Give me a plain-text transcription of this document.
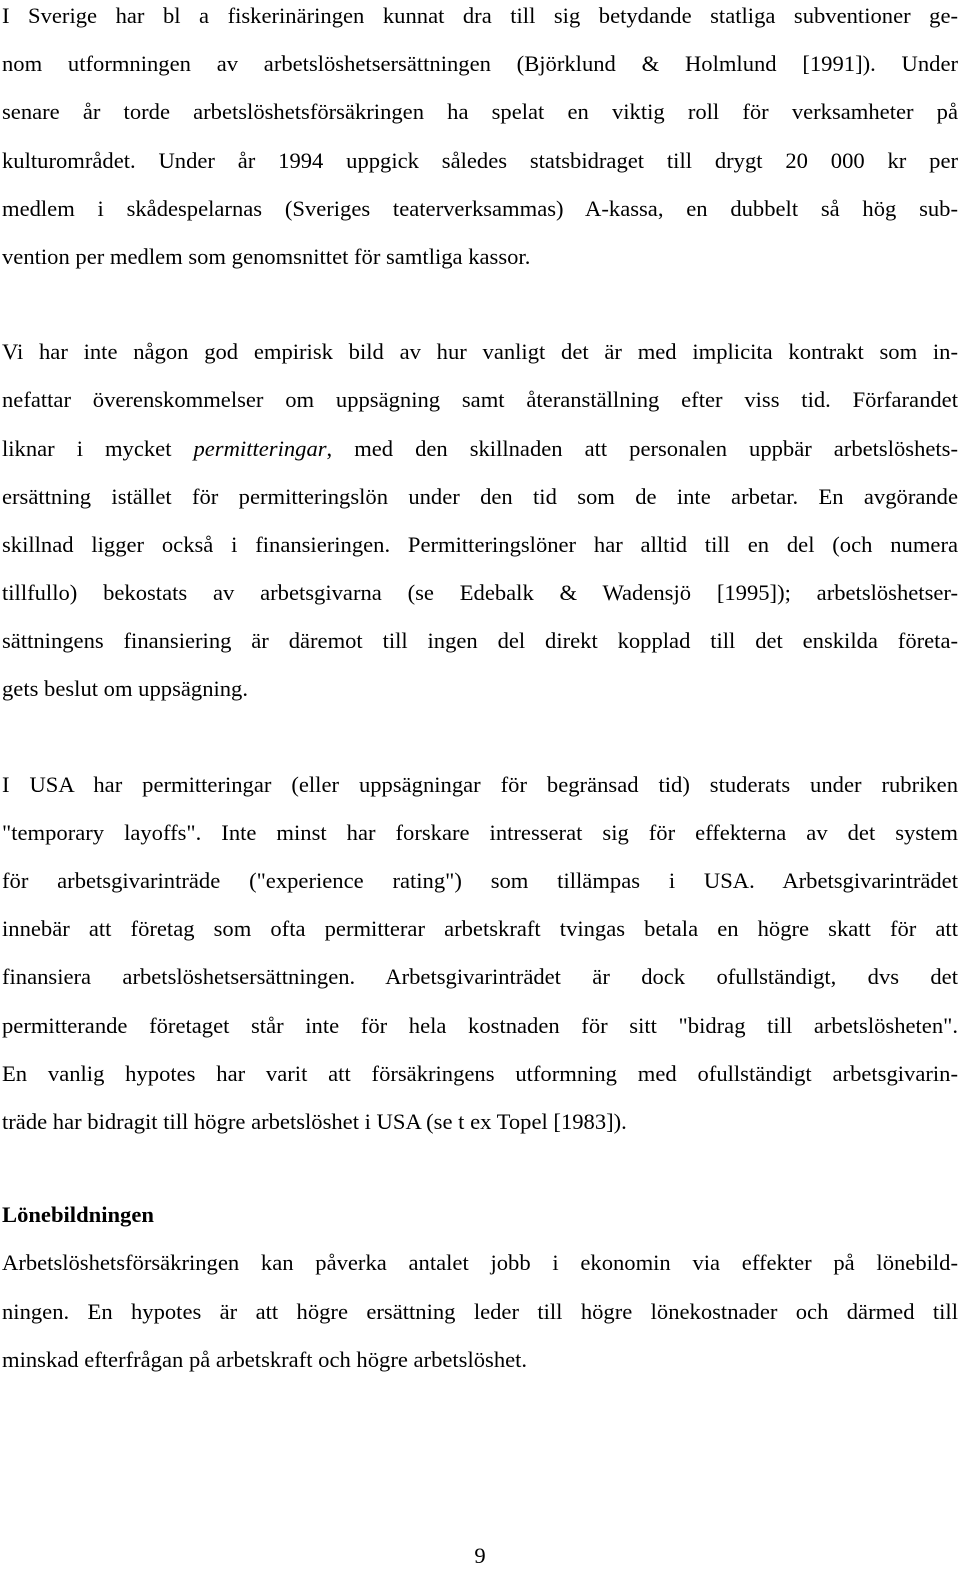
I Sverige har bl a fiskerinäringen kunnat dra till sig betydande statliga subventioner ge-
nom utformningen av arbetslöshetsersättningen (Björklund & Holmlund [1991]). Under
senare år torde arbetslöshetsförsäkringen ha spelat en viktig roll för verksamheter på
kulturområdet. Under år 1994 uppgick således statsbidraget till drygt 20 000 kr per
medlem i skådespelarnas (Sveriges teaterverksammas) A-kassa, en dubbelt så hög sub-
vention per medlem som genomsnittet för samtliga kassor.
Vi har inte någon god empirisk bild av hur vanligt det är med implicita kontrakt som in-
nefattar överenskommelser om uppsägning samt återanställning efter viss tid. Förfarandet
liknar i mycket permitteringar, med den skillnaden att personalen uppbär arbetslöshets-
ersättning istället för permitteringslön under den tid som de inte arbetar. En avgörande
skillnad ligger också i finansieringen. Permitteringslöner har alltid till en del (och numera
tillfullo) bekostats av arbetsgivarna (se Edebalk & Wadensjö [1995]); arbetslöshetser-
sättningens finansiering är däremot till ingen del direkt kopplad till det enskilda företa-
gets beslut om uppsägning.
I USA har permitteringar (eller uppsägningar för begränsad tid) studerats under rubriken
"temporary layoffs". Inte minst har forskare intresserat sig för effekterna av det system
för arbetsgivarinträde ("experience rating") som tillämpas i USA. Arbetsgivarinträdet
innebär att företag som ofta permitterar arbetskraft tvingas betala en högre skatt för att
finansiera arbetslöshetsersättningen. Arbetsgivarinträdet är dock ofullständigt, dvs det
permitterande företaget står inte för hela kostnaden för sitt "bidrag till arbetslösheten".
En vanlig hypotes har varit att försäkringens utformning med ofullständigt arbetsgivarin-
träde har bidragit till högre arbetslöshet i USA (se t ex Topel [1983]).
Lönebildningen
Arbetslöshetsförsäkringen kan påverka antalet jobb i ekonomin via effekter på lönebild-
ningen. En hypotes är att högre ersättning leder till högre lönekostnader och därmed till
minskad efterfrågan på arbetskraft och högre arbetslöshet.
9
